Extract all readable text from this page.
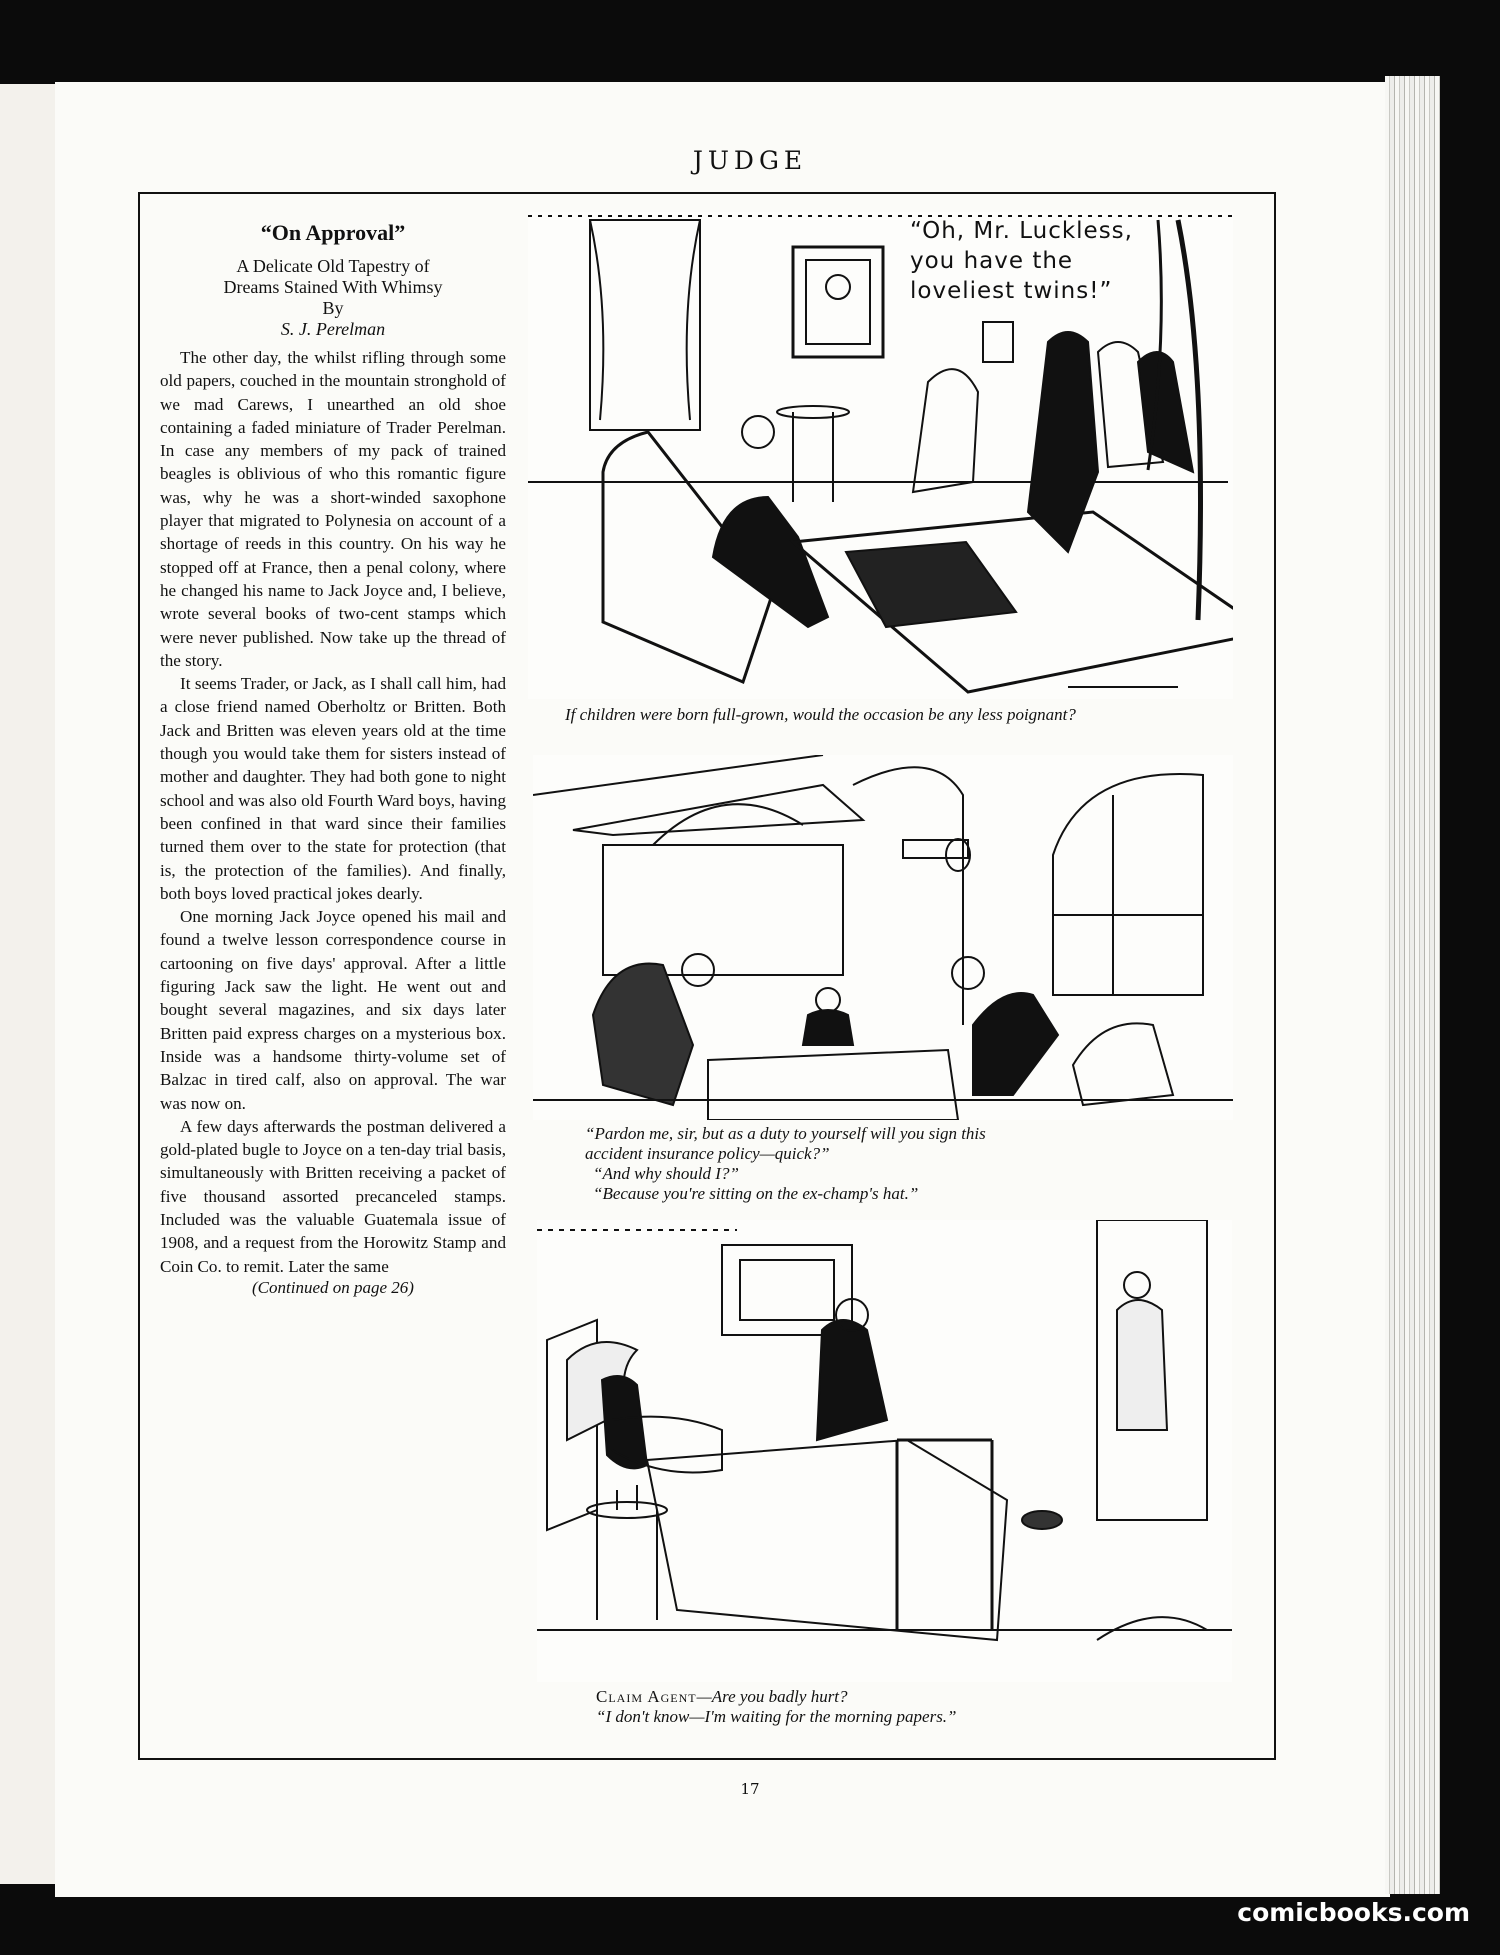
JUDGE

“On Approval”

A Delicate Old Tapestry of

Dreams Stained With Whimsy

By

S. J. Perelman

The other day, the whilst rifling through some old papers, couched in the mountain stronghold of we mad Carews, I unearthed an old shoe containing a faded miniature of Trader Perelman. In case any members of my pack of trained beagles is oblivious of who this romantic figure was, why he was a short-winded saxophone player that migrated to Polynesia on account of a shortage of reeds in this country. On his way he stopped off at France, then a penal colony, where he changed his name to Jack Joyce and, I believe, wrote several books of two-cent stamps which were never published. Now take up the thread of the story.

It seems Trader, or Jack, as I shall call him, had a close friend named Oberholtz or Britten. Both Jack and Britten was eleven years old at the time though you would take them for sisters instead of mother and daughter. They had both gone to night school and was also old Fourth Ward boys, having been confined in that ward since their families turned them over to the state for protection (that is, the protection of the families). And finally, both boys loved practical jokes dearly.

One morning Jack Joyce opened his mail and found a twelve lesson correspondence course in cartooning on five days' approval. After a little figuring Jack saw the light. He went out and bought several magazines, and six days later Britten paid express charges on a mysterious box. Inside was a handsome thirty-volume set of Balzac in tired calf, also on approval. The war was now on.

A few days afterwards the postman delivered a gold-plated bugle to Joyce on a ten-day trial basis, simultaneously with Britten receiving a packet of five thousand assorted precanceled stamps. Included was the valuable Guatemala issue of 1908, and a request from the Horowitz Stamp and Coin Co. to remit. Later the same

(Continued on page 26)

“Oh, Mr. Luckless,
you have the
loveliest twins!”

If children were born full-grown, would the occasion be any less poignant?

“Pardon me, sir, but as a duty to yourself will you sign this
accident insurance policy—quick?”
“And why should I?”
“Because you're sitting on the ex-champ's hat.”

Claim Agent—Are you badly hurt?
“I don't know—I'm waiting for the morning papers.”

17
comicbooks.com
